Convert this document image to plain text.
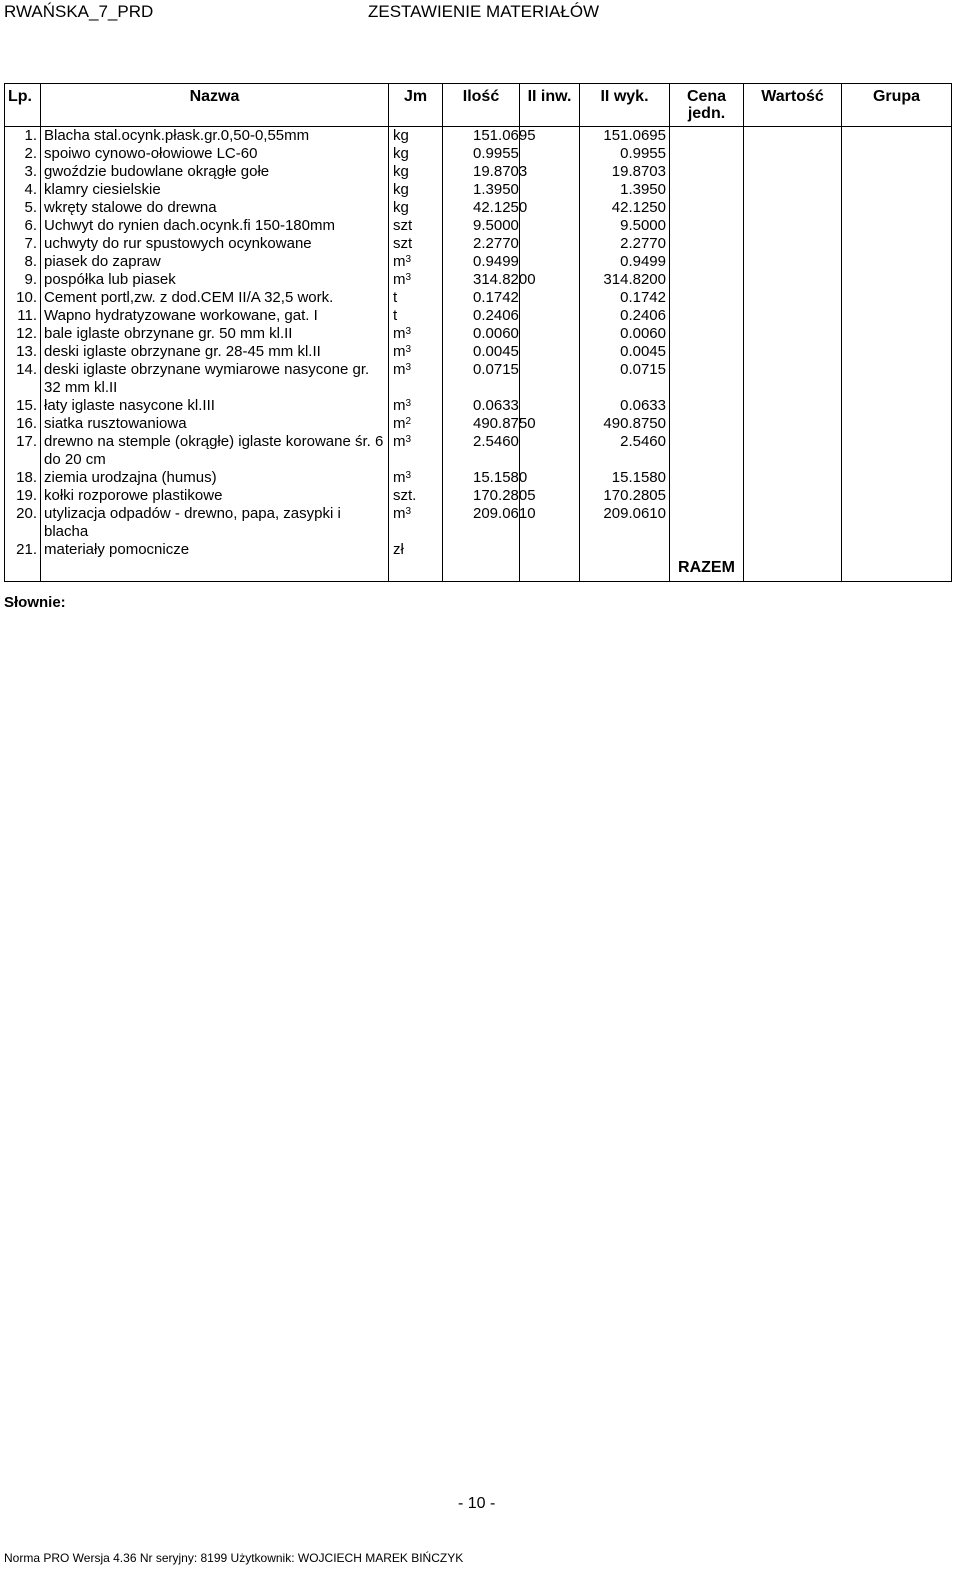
RWAŃSKA_7_PRD	ZESTAWIENIE MATERIAŁÓW
Lp.	Nazwa	Jm	Ilość	II inw.	II wyk.	Cena jedn.	Wartość	Grupa
1.	Blacha stal.ocynk.płask.gr.0,50-0,55mm	kg	151.0695		151.0695			
2.	spoiwo cynowo-ołowiowe LC-60	kg	0.9955		0.9955			
3.	gwoździe budowlane okrągłe gołe	kg	19.8703		19.8703			
4.	klamry ciesielskie	kg	1.3950		1.3950			
5.	wkręty stalowe do drewna	kg	42.1250		42.1250			
6.	Uchwyt do rynien dach.ocynk.fi 150-180mm	szt	9.5000		9.5000			
7.	uchwyty do rur spustowych ocynkowane	szt	2.2770		2.2770			
8.	piasek do zapraw	$m^3$	0.9499		0.9499			
9.	pospółka lub piasek	$m^3$	314.8200		314.8200			
10.	Cement portl,zw. z dod.CEM II/A 32,5 work.	t	0.1742		0.1742			
11.	Wapno hydratyzowane workowane, gat. I	t	0.2406		0.2406			
12.	bale iglaste obrzynane gr. 50 mm kl.II	$m^3$	0.0060		0.0060			
13.	deski iglaste obrzynane gr. 28-45 mm kl.II	$m^3$	0.0045		0.0045			
14.	deski iglaste obrzynane wymiarowe nasycone gr. 32 mm kl.II	$m^3$	0.0715		0.0715			
15.	łaty iglaste nasycone kl.III	$m^3$	0.0633		0.0633			
16.	siatka rusztowaniowa	$m^2$	490.8750		490.8750			
17.	drewno na stemple (okrągłe) iglaste korowane śr. 6 do 20 cm	$m^3$	2.5460		2.5460			
18.	ziemia urodzajna (humus)	$m^3$	15.1580		15.1580			
19.	kołki rozporowe plastikowe	szt.	170.2805		170.2805			
20.	utylizacja odpadów - drewno, papa, zasypki i blacha	$m^3$	209.0610		209.0610			
21.	materiały pomocnicze	zł						
						RAZEM		
Słownie:
- 10 -
Norma PRO Wersja 4.36 Nr seryjny: 8199 Użytkownik: WOJCIECH MAREK BIŃCZYK
